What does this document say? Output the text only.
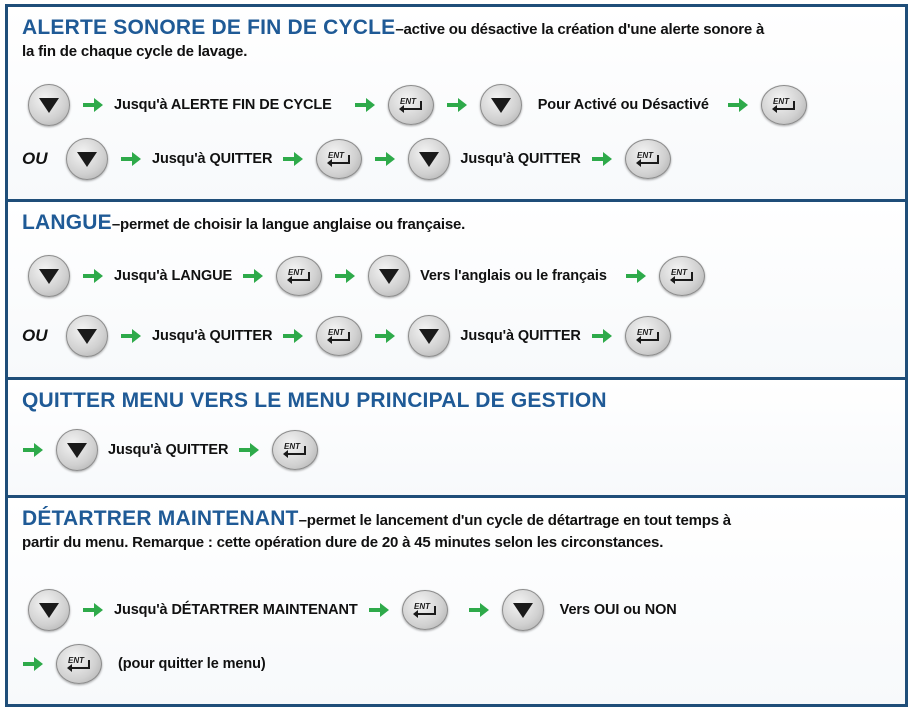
ALERTE SONORE DE FIN DE CYCLE–active ou désactive la création d'une alerte sonore à
la fin de chaque cycle de lavage.
Jusqu'à ALERTE FIN DE CYCLE	ENT	Pour Activé ou Désactivé	ENT
OU	Jusqu'à QUITTER	ENT	Jusqu'à QUITTER	ENT
LANGUE–permet de choisir la langue anglaise ou française.
Jusqu'à LANGUE	ENT	Vers l'anglais ou le français	ENT
OU	Jusqu'à QUITTER	ENT	Jusqu'à QUITTER	ENT
QUITTER MENU VERS LE MENU PRINCIPAL DE GESTION
Jusqu'à QUITTER	ENT
DÉTARTRER MAINTENANT–permet le lancement d'un cycle de détartrage en tout temps à
partir du menu. Remarque : cette opération dure de 20 à 45 minutes selon les circonstances.
Jusqu'à DÉTARTRER MAINTENANT	ENT	Vers OUI ou NON
ENT (pour quitter le menu)
